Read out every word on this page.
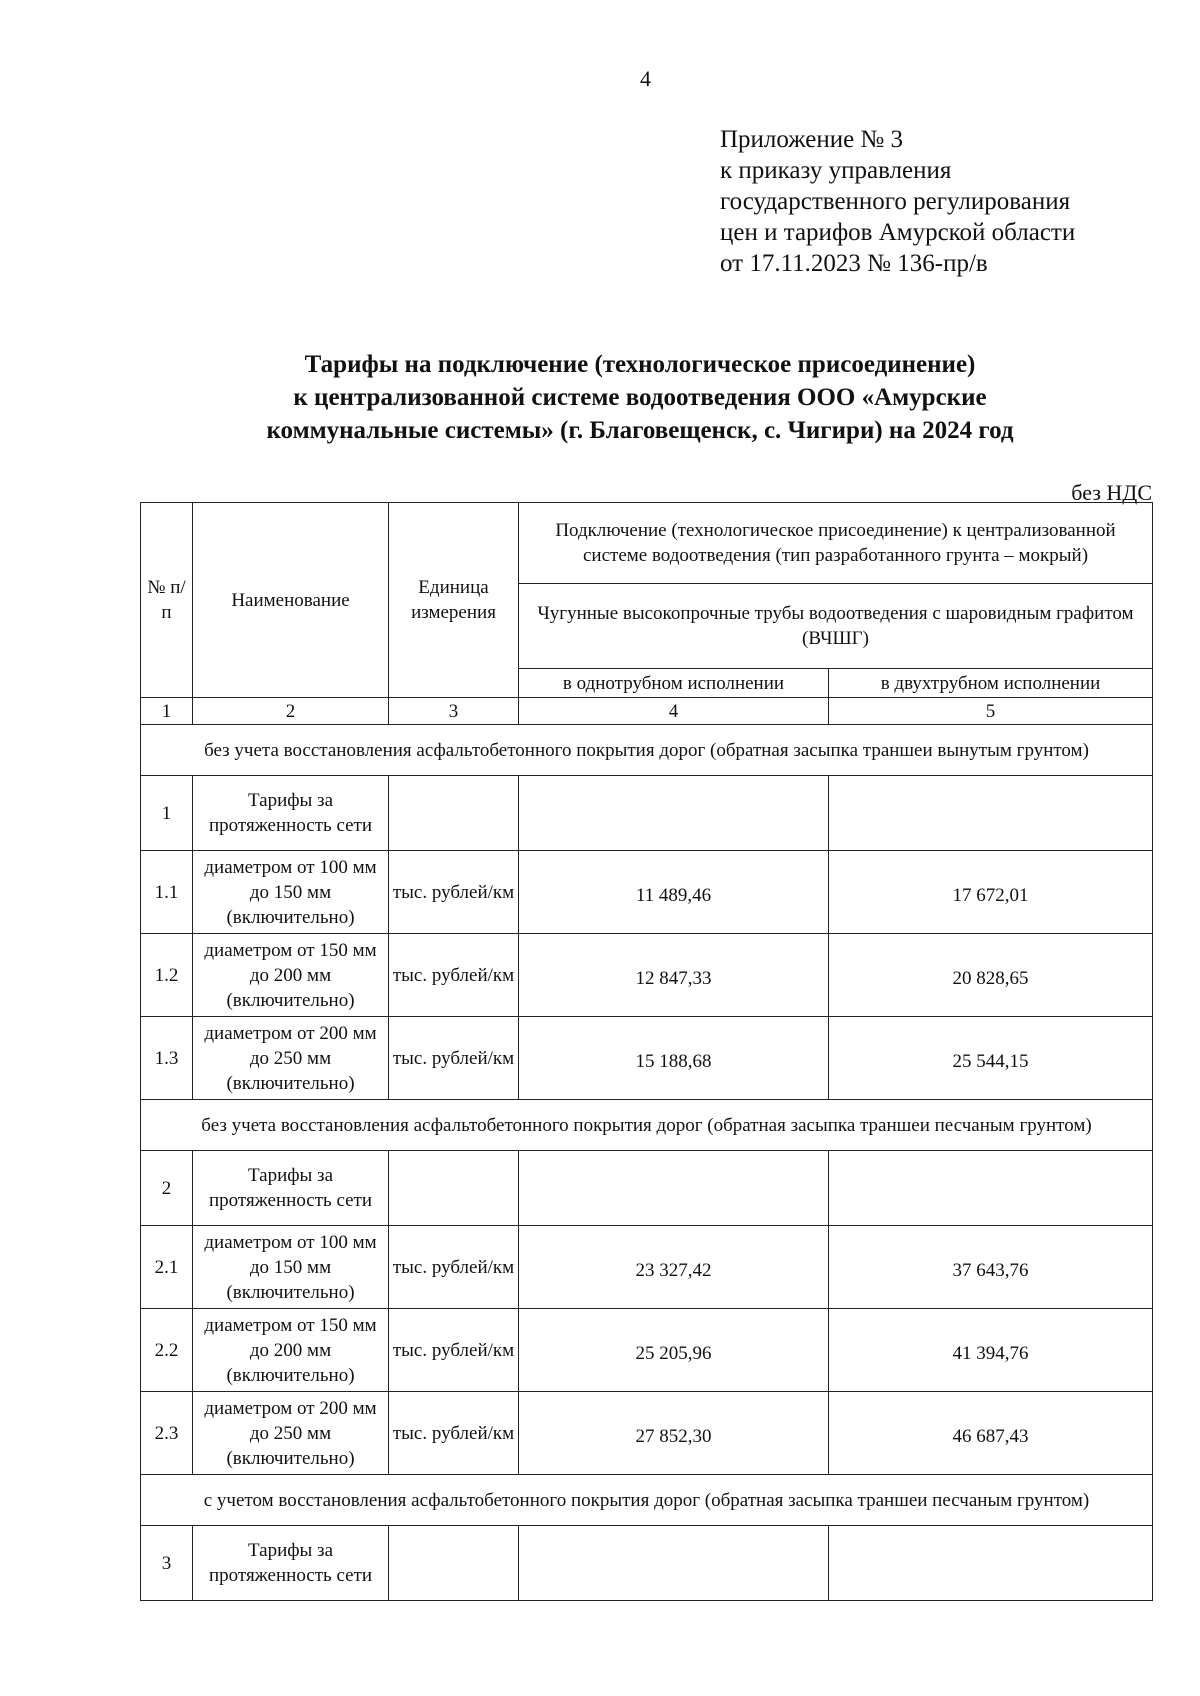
4
Приложение № 3
к приказу управления
государственного регулирования
цен и тарифов Амурской области
от 17.11.2023 № 136-пр/в
Тарифы на подключение (технологическое присоединение)
к централизованной системе водоотведения ООО «Амурские
коммунальные системы» (г. Благовещенск, с. Чигири) на 2024 год
без НДС
№ п/п	Наименование	Единица измерения	Подключение (технологическое присоединение) к централизованной системе водоотведения (тип разработанного грунта – мокрый)	
			Чугунные высокопрочные трубы водоотведения с шаровидным графитом (ВЧШГ)	
			в однотрубном исполнении	в двухтрубном исполнении
1	2	3	4	5
без учета восстановления асфальтобетонного покрытия дорог (обратная засыпка траншеи вынутым грунтом)				
1	Тарифы за протяженность сети			
1.1	диаметром от 100 мм до 150 мм (включительно)	тыс. рублей/км	11 489,46	17 672,01
1.2	диаметром от 150 мм до 200 мм (включительно)	тыс. рублей/км	12 847,33	20 828,65
1.3	диаметром от 200 мм до 250 мм (включительно)	тыс. рублей/км	15 188,68	25 544,15
без учета восстановления асфальтобетонного покрытия дорог (обратная засыпка траншеи песчаным грунтом)				
2	Тарифы за протяженность сети			
2.1	диаметром от 100 мм до 150 мм (включительно)	тыс. рублей/км	23 327,42	37 643,76
2.2	диаметром от 150 мм до 200 мм (включительно)	тыс. рублей/км	25 205,96	41 394,76
2.3	диаметром от 200 мм до 250 мм (включительно)	тыс. рублей/км	27 852,30	46 687,43
с учетом восстановления асфальтобетонного покрытия дорог (обратная засыпка траншеи песчаным грунтом)				
3	Тарифы за протяженность сети			
